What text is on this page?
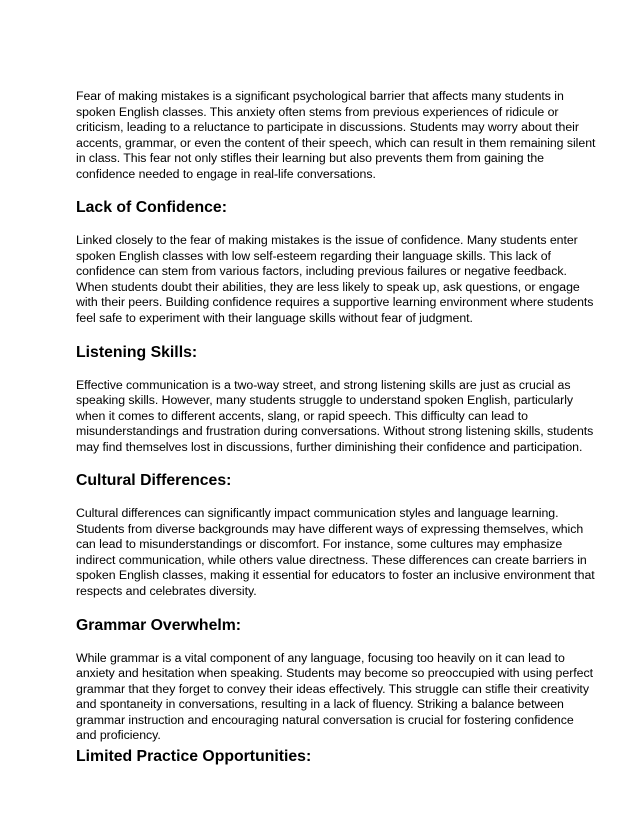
Fear of making mistakes is a significant psychological barrier that affects many students in
spoken English classes. This anxiety often stems from previous experiences of ridicule or
criticism, leading to a reluctance to participate in discussions. Students may worry about their
accents, grammar, or even the content of their speech, which can result in them remaining silent
in class. This fear not only stifles their learning but also prevents them from gaining the
confidence needed to engage in real-life conversations.

Lack of Confidence:

Linked closely to the fear of making mistakes is the issue of confidence. Many students enter
spoken English classes with low self-esteem regarding their language skills. This lack of
confidence can stem from various factors, including previous failures or negative feedback.
When students doubt their abilities, they are less likely to speak up, ask questions, or engage
with their peers. Building confidence requires a supportive learning environment where students
feel safe to experiment with their language skills without fear of judgment.

Listening Skills:

Effective communication is a two-way street, and strong listening skills are just as crucial as
speaking skills. However, many students struggle to understand spoken English, particularly
when it comes to different accents, slang, or rapid speech. This difficulty can lead to
misunderstandings and frustration during conversations. Without strong listening skills, students
may find themselves lost in discussions, further diminishing their confidence and participation.

Cultural Differences:

Cultural differences can significantly impact communication styles and language learning.
Students from diverse backgrounds may have different ways of expressing themselves, which
can lead to misunderstandings or discomfort. For instance, some cultures may emphasize
indirect communication, while others value directness. These differences can create barriers in
spoken English classes, making it essential for educators to foster an inclusive environment that
respects and celebrates diversity.

Grammar Overwhelm:

While grammar is a vital component of any language, focusing too heavily on it can lead to
anxiety and hesitation when speaking. Students may become so preoccupied with using perfect
grammar that they forget to convey their ideas effectively. This struggle can stifle their creativity
and spontaneity in conversations, resulting in a lack of fluency. Striking a balance between
grammar instruction and encouraging natural conversation is crucial for fostering confidence
and proficiency.

Limited Practice Opportunities:
